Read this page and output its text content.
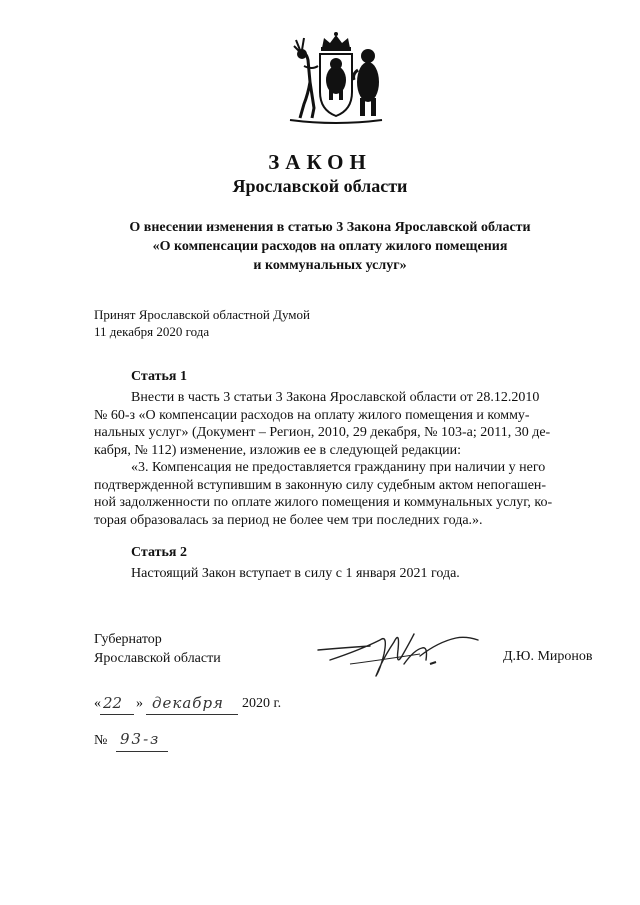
ЗАКОН
Ярославской области
О внесении изменения в статью 3 Закона Ярославской области
«О компенсации расходов на оплату жилого помещения
и коммунальных услуг»
Принят Ярославской областной Думой
11 декабря 2020 года
Статья 1
Внести в часть 3 статьи 3 Закона Ярославской области от 28.12.2010
№ 60-з «О компенсации расходов на оплату жилого помещения и комму-
нальных услуг» (Документ – Регион, 2010, 29 декабря, № 103-а; 2011, 30 де-
кабря, № 112) изменение, изложив ее в следующей редакции:
«3. Компенсация не предоставляется гражданину при наличии у него
подтвержденной вступившим в законную силу судебным актом непогашен-
ной задолженности по оплате жилого помещения и коммунальных услуг, ко-
торая образовалась за период не более чем три последних года.».
Статья 2
Настоящий Закон вступает в силу с 1 января 2021 года.
Губернатор
Ярославской области	Д.Ю. Миронов
« 22 » декабря 2020 г.
№ 93-з
